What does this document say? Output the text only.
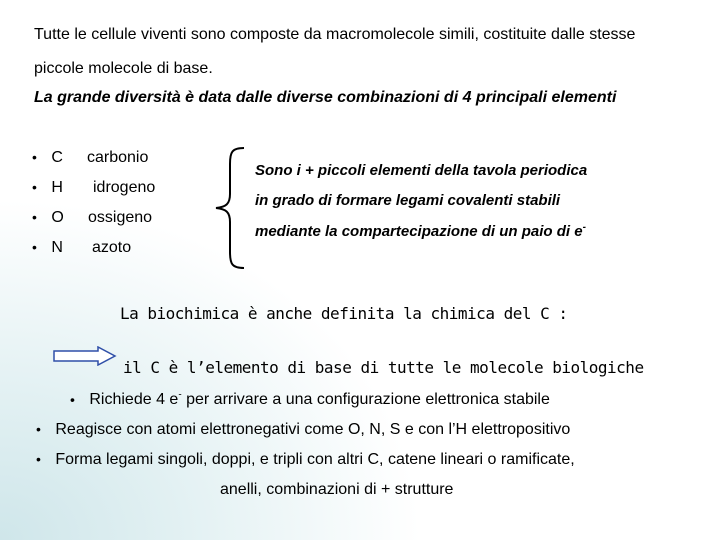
Tutte le cellule viventi sono composte da macromolecole simili, costituite dalle stesse
piccole molecole di base.
La grande diversità è data dalle diverse combinazioni di 4 principali elementi
• C carbonio
• H idrogeno
• O ossigeno
• N azoto
Sono i + piccoli elementi della tavola periodica
in grado di formare legami covalenti stabili
mediante la compartecipazione di un paio di e-
La biochimica è anche definita la chimica del C :
il C è l’elemento di base di tutte le molecole biologiche
• Richiede 4 e- per arrivare a una configurazione elettronica stabile
• Reagisce con atomi elettronegativi come O, N, S e con l’H elettropositivo
• Forma legami singoli, doppi, e tripli con altri C, catene lineari o ramificate,
anelli, combinazioni di + strutture
